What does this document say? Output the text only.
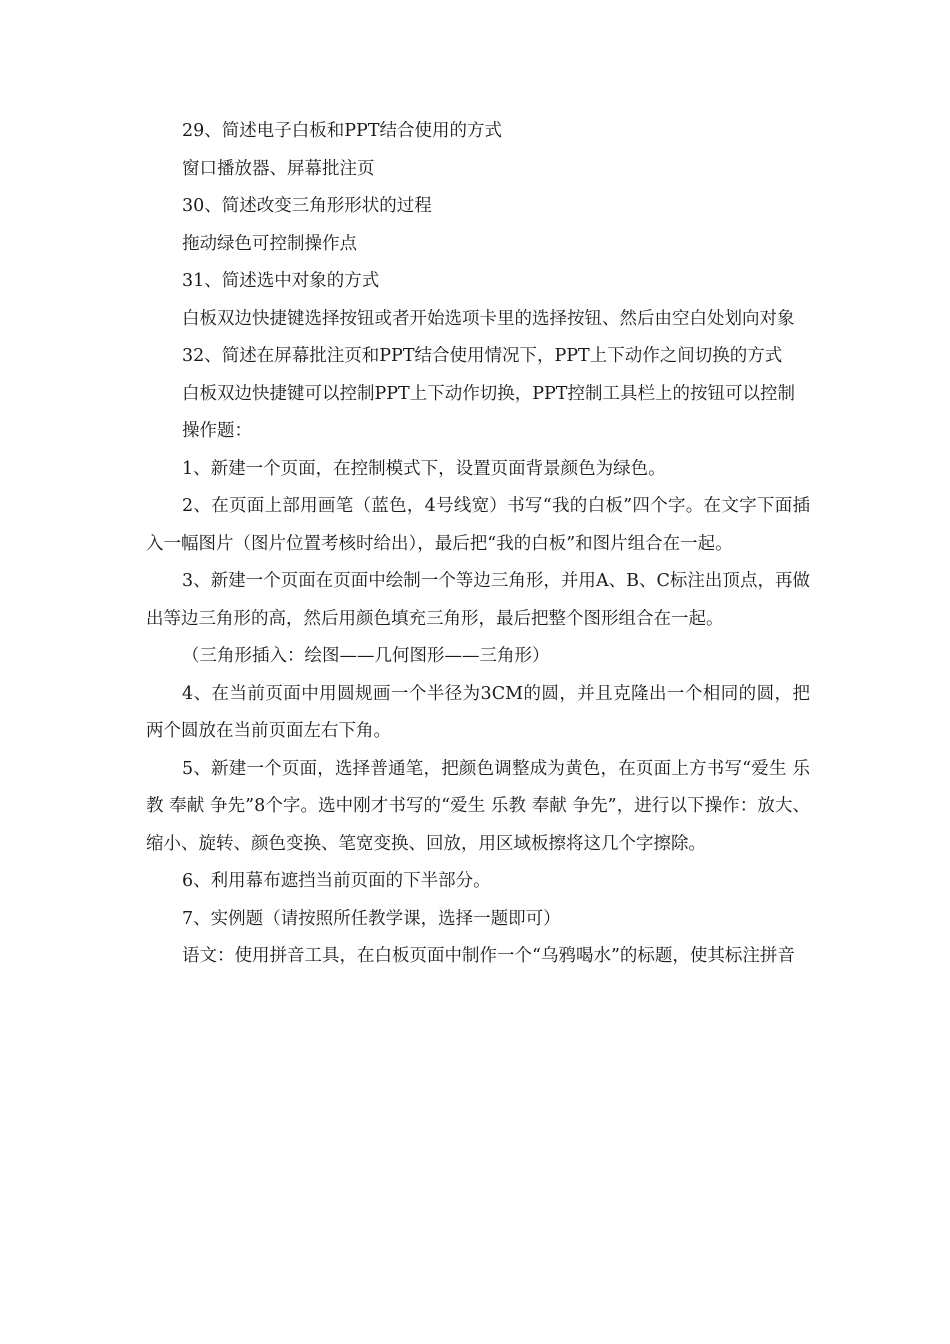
29、简述电子白板和PPT结合使用的方式

窗口播放器、屏幕批注页

30、简述改变三角形形状的过程

拖动绿色可控制操作点

31、简述选中对象的方式

白板双边快捷键选择按钮或者开始选项卡里的选择按钮、然后由空白处划向对象

32、简述在屏幕批注页和PPT结合使用情况下，PPT上下动作之间切换的方式

白板双边快捷键可以控制PPT上下动作切换，PPT控制工具栏上的按钮可以控制

操作题：

1、新建一个页面，在控制模式下，设置页面背景颜色为绿色。

2、在页面上部用画笔（蓝色，4号线宽）书写“我的白板”四个字。在文字下面插入一幅图片（图片位置考核时给出），最后把“我的白板”和图片组合在一起。

3、新建一个页面在页面中绘制一个等边三角形，并用A、B、C标注出顶点，再做出等边三角形的高，然后用颜色填充三角形，最后把整个图形组合在一起。

（三角形插入：绘图——几何图形——三角形）

4、在当前页面中用圆规画一个半径为3CM的圆，并且克隆出一个相同的圆，把两个圆放在当前页面左右下角。

5、新建一个页面，选择普通笔，把颜色调整成为黄色，在页面上方书写“爱生 乐教 奉献 争先”8个字。选中刚才书写的“爱生 乐教 奉献 争先”，进行以下操作：放大、缩小、旋转、颜色变换、笔宽变换、回放，用区域板擦将这几个字擦除。

6、利用幕布遮挡当前页面的下半部分。

7、实例题（请按照所任教学课，选择一题即可）

语文：使用拼音工具，在白板页面中制作一个“乌鸦喝水”的标题，使其标注拼音
